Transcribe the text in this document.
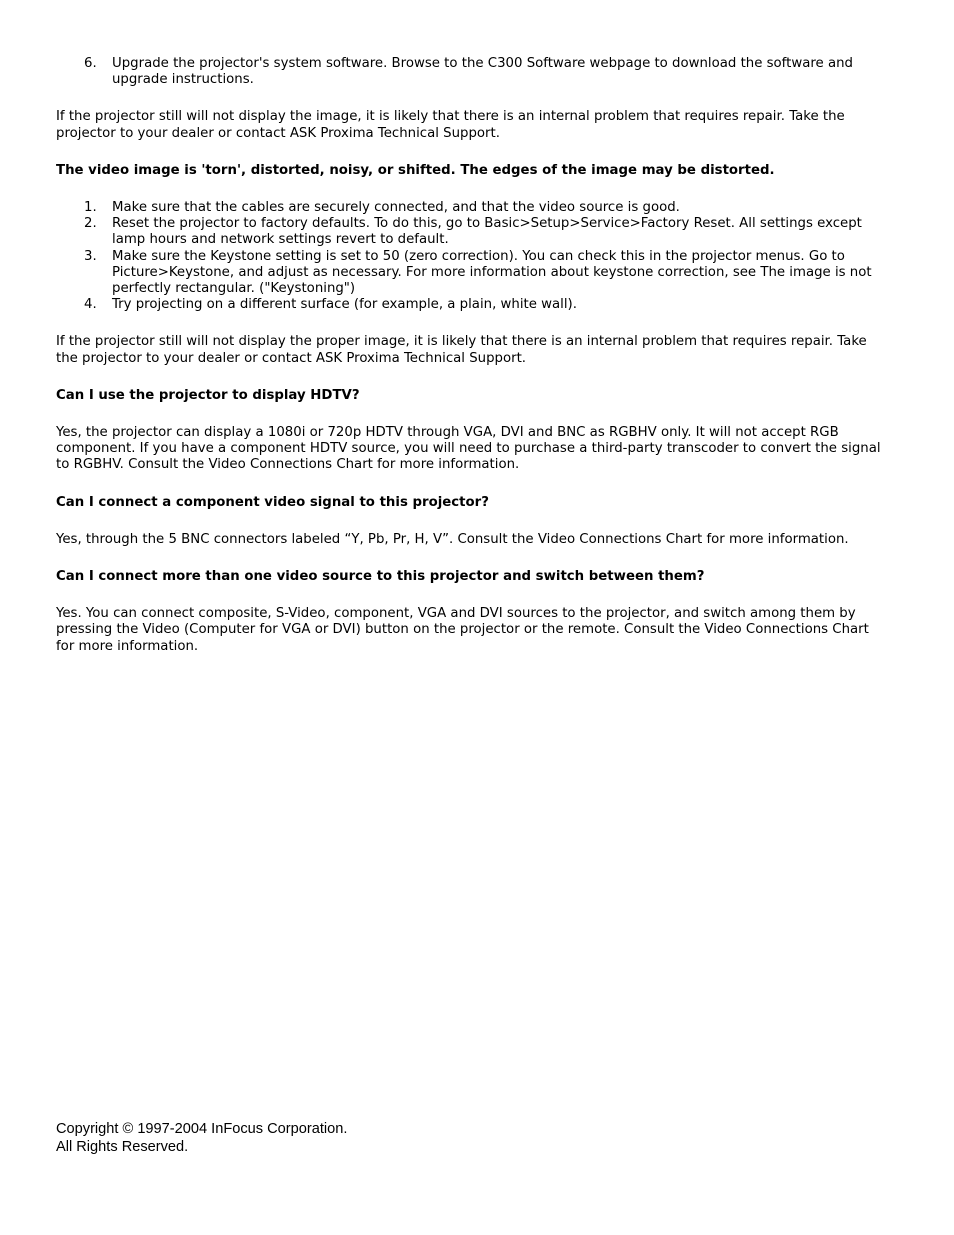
6. Upgrade the projector's system software. Browse to the C300 Software webpage to download the software and upgrade instructions.

If the projector still will not display the image, it is likely that there is an internal problem that requires repair. Take the projector to your dealer or contact ASK Proxima Technical Support.

The video image is 'torn', distorted, noisy, or shifted. The edges of the image may be distorted.

1. Make sure that the cables are securely connected, and that the video source is good.
2. Reset the projector to factory defaults. To do this, go to Basic>Setup>Service>Factory Reset. All settings except lamp hours and network settings revert to default.
3. Make sure the Keystone setting is set to 50 (zero correction). You can check this in the projector menus. Go to Picture>Keystone, and adjust as necessary. For more information about keystone correction, see The image is not perfectly rectangular. ("Keystoning")
4. Try projecting on a different surface (for example, a plain, white wall).

If the projector still will not display the proper image, it is likely that there is an internal problem that requires repair. Take the projector to your dealer or contact ASK Proxima Technical Support.

Can I use the projector to display HDTV?

Yes, the projector can display a 1080i or 720p HDTV through VGA, DVI and BNC as RGBHV only. It will not accept RGB component. If you have a component HDTV source, you will need to purchase a third-party transcoder to convert the signal to RGBHV. Consult the Video Connections Chart for more information.

Can I connect a component video signal to this projector?

Yes, through the 5 BNC connectors labeled “Y, Pb, Pr, H, V”. Consult the Video Connections Chart for more information.

Can I connect more than one video source to this projector and switch between them?

Yes. You can connect composite, S-Video, component, VGA and DVI sources to the projector, and switch among them by pressing the Video (Computer for VGA or DVI) button on the projector or the remote. Consult the Video Connections Chart for more information.

Copyright © 1997-2004 InFocus Corporation.
All Rights Reserved.
